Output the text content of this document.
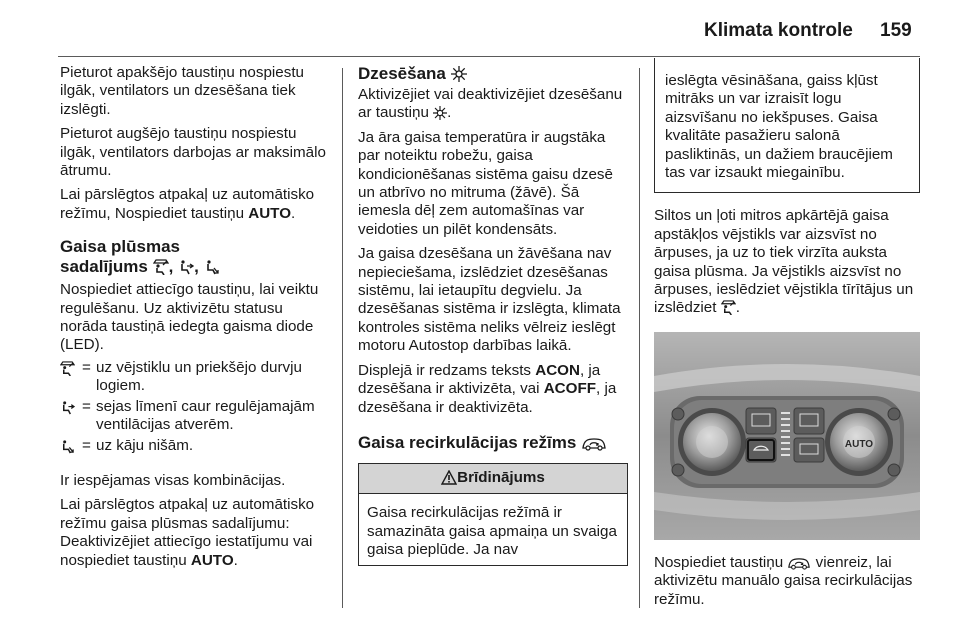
Klimata kontrole 159

Pieturot apakšējo taustiņu nospiestu ilgāk, ventilators un dzesēšana tiek izslēgti.

Pieturot augšējo taustiņu nospiestu ilgāk, ventilators darbojas ar maksimālo ātrumu.

Lai pārslēgtos atpakaļ uz automātisko režīmu, Nospiediet taustiņu AUTO.

Gaisa plūsmas
sadalījums , ,

Nospiediet attiecīgo taustiņu, lai veiktu regulēšanu. Uz aktivizētu statusu norāda taustiņā iedegta gaisma diode (LED).

= uz vējstiklu un priekšējo durvju logiem.
= sejas līmenī caur regulējamajām ventilācijas atverēm.
= uz kāju nišām.

Ir iespējamas visas kombinācijas.

Lai pārslēgtos atpakaļ uz automātisko režīmu gaisa plūsmas sadalījumu: Deaktivizējiet attiecīgo iestatījumu vai nospiediet taustiņu AUTO.

Dzesēšana

Aktivizējiet vai deaktivizējiet dzesēšanu ar taustiņu .

Ja āra gaisa temperatūra ir augstāka par noteiktu robežu, gaisa kondicionēšanas sistēma gaisu dzesē un atbrīvo no mitruma (žāvē). Šā iemesla dēļ zem automašīnas var veidoties un pilēt kondensāts.

Ja gaisa dzesēšana un žāvēšana nav nepieciešama, izslēdziet dzesēšanas sistēmu, lai ietaupītu degvielu. Ja dzesēšanas sistēma ir izslēgta, klimata kontroles sistēma neliks vēlreiz ieslēgt motoru Autostop darbības laikā.

Displejā ir redzams teksts ACON, ja dzesēšana ir aktivizēta, vai ACOFF, ja dzesēšana ir deaktivizēta.

Gaisa recirkulācijas režīms
Brīdinājums
Gaisa recirkulācijas režīmā ir samazināta gaisa apmaiņa un svaiga gaisa pieplūde. Ja nav
ieslēgta vēsināšana, gaiss kļūst mitrāks un var izraisīt logu aizsvīšanu no iekšpuses. Gaisa kvalitāte pasažieru salonā pasliktinās, un dažiem braucējiem tas var izsaukt miegainību.

Siltos un ļoti mitros apkārtējā gaisa apstākļos vējstikls var aizsvīst no ārpuses, ja uz to tiek virzīta auksta gaisa plūsma. Ja vējstikls aizsvīst no ārpuses, ieslēdziet vējstikla tīrītājus un izslēdziet .

AUTO

Nospiediet taustiņu vienreiz, lai aktivizētu manuālo gaisa recirkulācijas režīmu.
